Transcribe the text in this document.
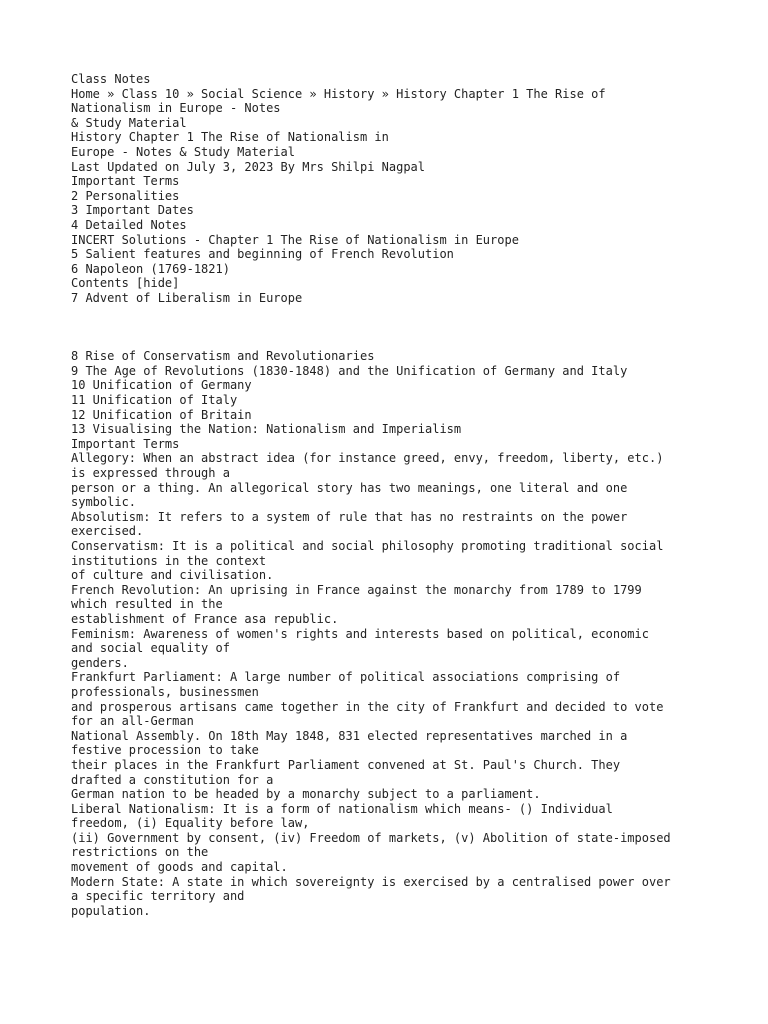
Class Notes
Home » Class 10 » Social Science » History » History Chapter 1 The Rise of
Nationalism in Europe - Notes
& Study Material
History Chapter 1 The Rise of Nationalism in
Europe - Notes & Study Material
Last Updated on July 3, 2023 By Mrs Shilpi Nagpal
Important Terms
2 Personalities
3 Important Dates
4 Detailed Notes
INCERT Solutions - Chapter 1 The Rise of Nationalism in Europe
5 Salient features and beginning of French Revolution
6 Napoleon (1769-1821)
Contents [hide]
7 Advent of Liberalism in Europe
8 Rise of Conservatism and Revolutionaries
9 The Age of Revolutions (1830-1848) and the Unification of Germany and Italy
10 Unification of Germany
11 Unification of Italy
12 Unification of Britain
13 Visualising the Nation: Nationalism and Imperialism
Important Terms
Allegory: When an abstract idea (for instance greed, envy, freedom, liberty, etc.)
is expressed through a
person or a thing. An allegorical story has two meanings, one literal and one
symbolic.
Absolutism: It refers to a system of rule that has no restraints on the power
exercised.
Conservatism: It is a political and social philosophy promoting traditional social
institutions in the context
of culture and civilisation.
French Revolution: An uprising in France against the monarchy from 1789 to 1799
which resulted in the
establishment of France asa republic.
Feminism: Awareness of women's rights and interests based on political, economic
and social equality of
genders.
Frankfurt Parliament: A large number of political associations comprising of
professionals, businessmen
and prosperous artisans came together in the city of Frankfurt and decided to vote
for an all-German
National Assembly. On 18th May 1848, 831 elected representatives marched in a
festive procession to take
their places in the Frankfurt Parliament convened at St. Paul's Church. They
drafted a constitution for a
German nation to be headed by a monarchy subject to a parliament.
Liberal Nationalism: It is a form of nationalism which means- () Individual
freedom, (i) Equality before law,
(ii) Government by consent, (iv) Freedom of markets, (v) Abolition of state-imposed
restrictions on the
movement of goods and capital.
Modern State: A state in which sovereignty is exercised by a centralised power over
a specific territory and
population.
